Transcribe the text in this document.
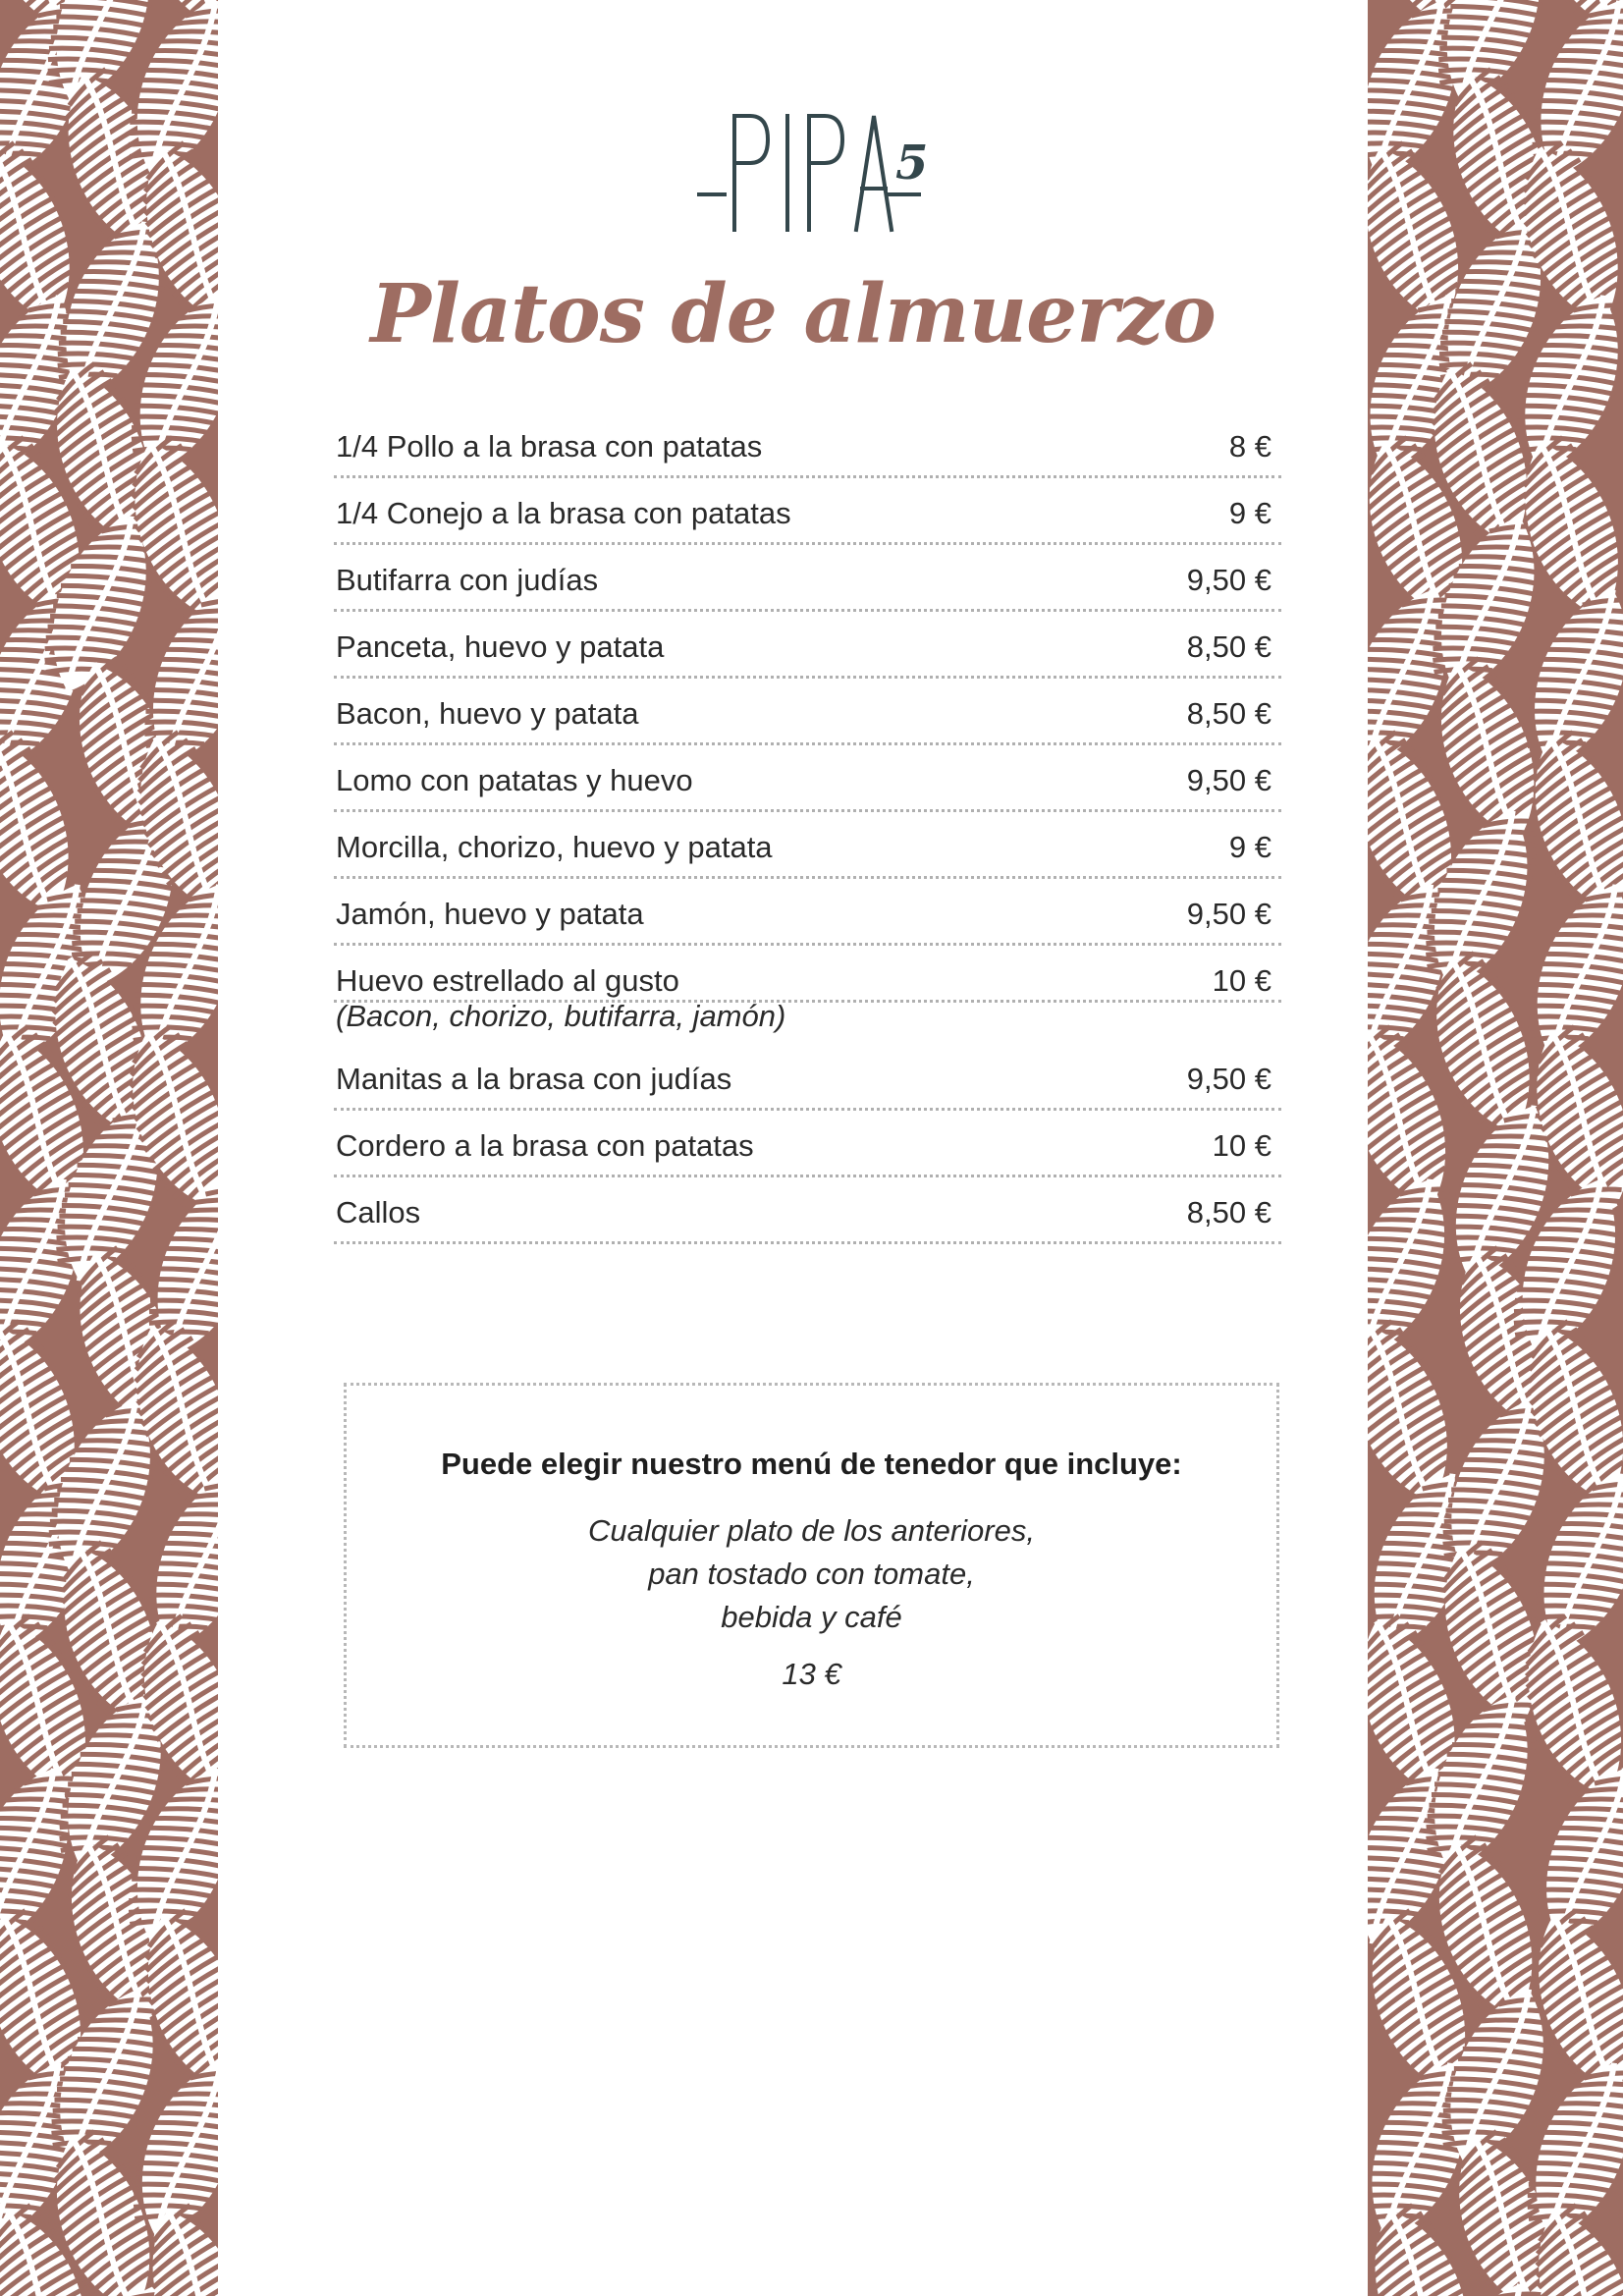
5
Platos de almuerzo
1/4 Pollo a la brasa con patatas	8 €
1/4 Conejo a la brasa con patatas	9 €
Butifarra con judías	9,50 €
Panceta, huevo y patata	8,50 €
Bacon, huevo y patata	8,50 €
Lomo con patatas y huevo	9,50 €
Morcilla, chorizo, huevo y patata	9 €
Jamón, huevo y patata	9,50 €
Huevo estrellado al gusto	10 €
(Bacon, chorizo, butifarra, jamón)
Manitas a la brasa con judías	9,50 €
Cordero a la brasa con patatas	10 €
Callos	8,50 €

Puede elegir nuestro menú de tenedor que incluye:

Cualquier plato de los anteriores,
pan tostado con tomate,
bebida y café
13 €
